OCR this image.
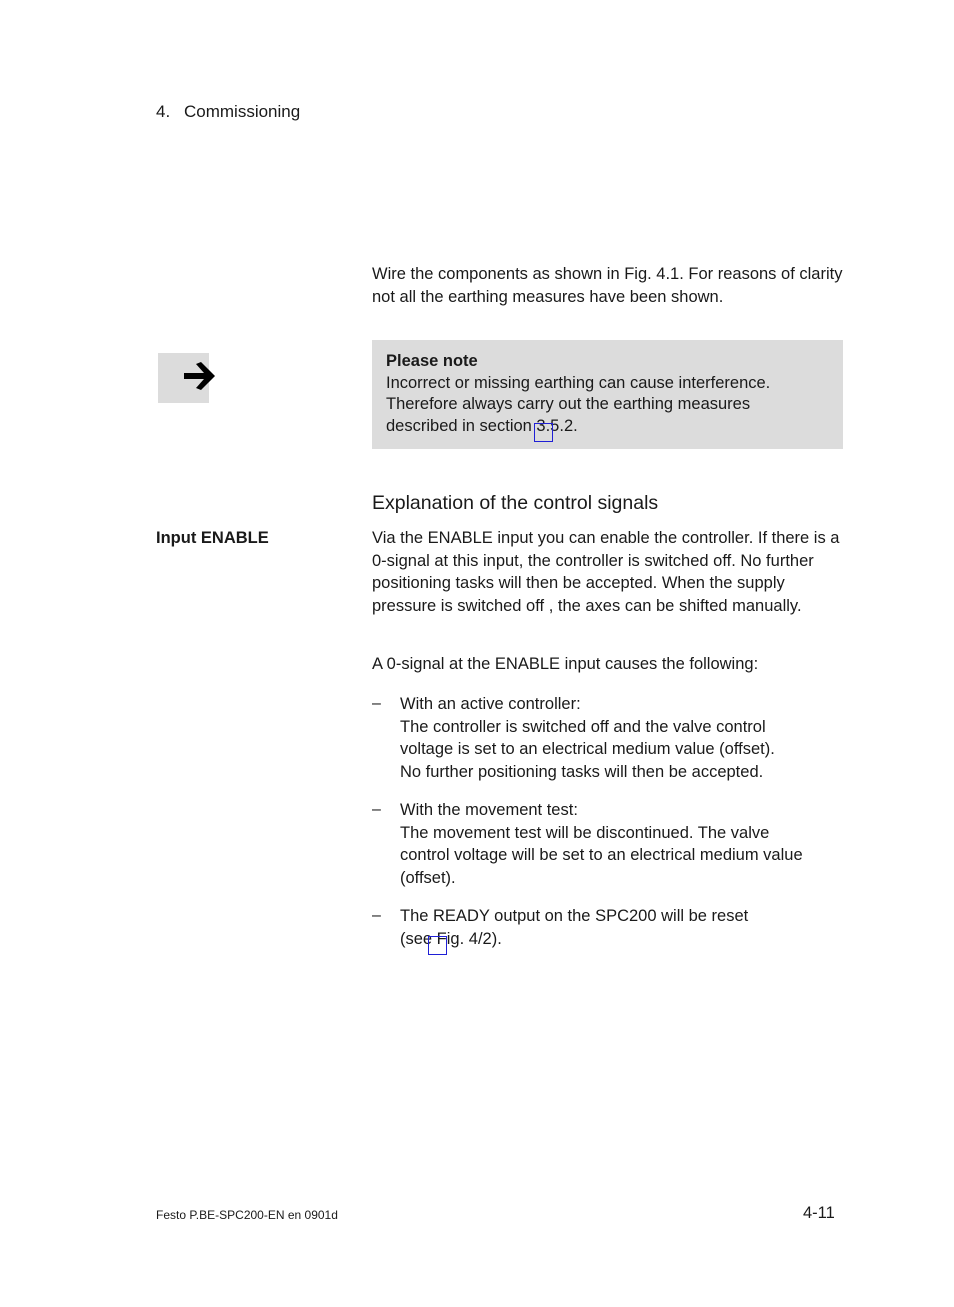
4. Commissioning
Wire the components as shown in Fig. 4.1. For reasons of clarity not all the earthing measures have been shown.
Please note
Incorrect or missing earthing can cause interference.
Therefore always carry out the earthing measures
described in section 3.5.2.
Explanation of the control signals
Input ENABLE	Via the ENABLE input you can enable the controller. If there is a 0-signal at this input, the controller is switched off. No further positioning tasks will then be accepted. When the supply pressure is switched off , the axes can be shifted manually.
A 0-signal at the ENABLE input causes the following:
– With an active controller:
The controller is switched off and the valve control
voltage is set to an electrical medium value (offset).
No further positioning tasks will then be accepted.
– With the movement test:
The movement test will be discontinued. The valve
control voltage will be set to an electrical medium value
(offset).
– The READY output on the SPC200 will be reset
(see Fig. 4/2).
Festo P.BE-SPC200-EN en 0901d	4-11
